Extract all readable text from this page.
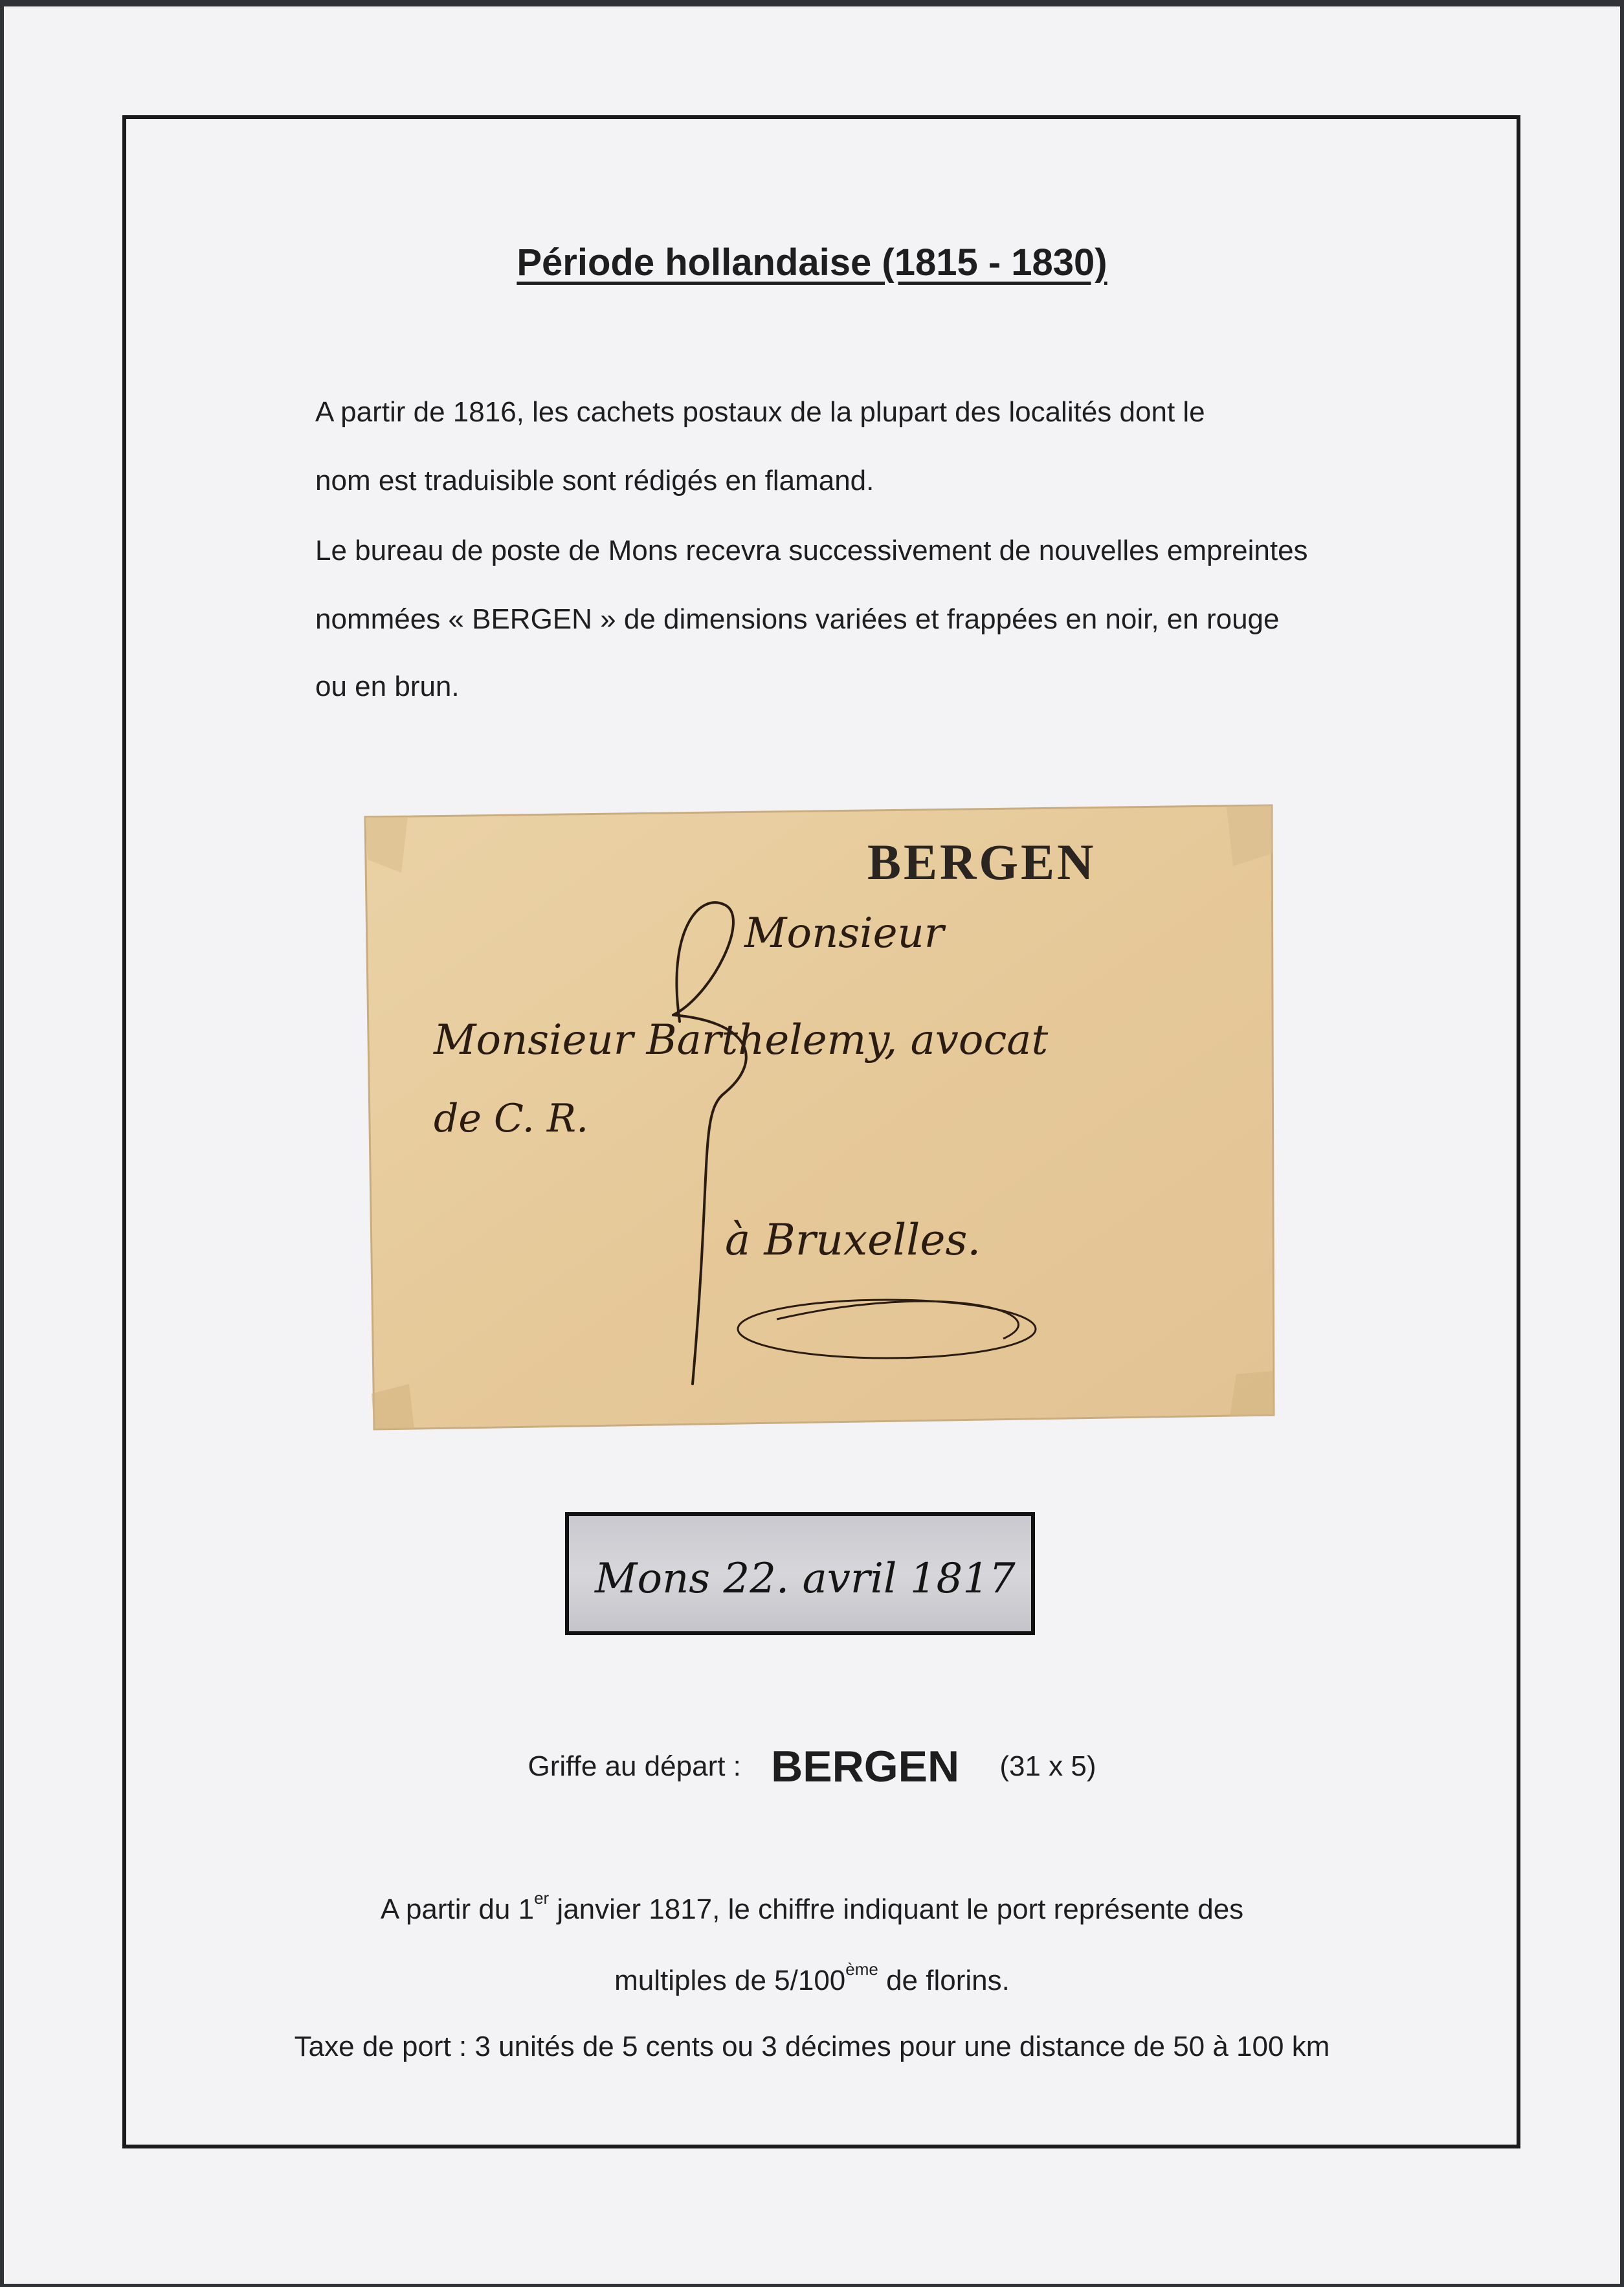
Période hollandaise (1815 - 1830)
A partir de 1816, les cachets postaux de la plupart des localités dont le
nom est traduisible sont rédigés en flamand.
Le bureau de poste de Mons recevra successivement de nouvelles empreintes
nommées « BERGEN » de dimensions variées et frappées en noir, en rouge
ou en brun.
BERGEN
Monsieur
Monsieur Barthelemy, avocat
de C. R.
à Bruxelles.
Mons 22. avril 1817
Griffe au départ : BERGEN (31 x 5)
A partir du 1er janvier 1817, le chiffre indiquant le port représente des
multiples de 5/100ème de florins.
Taxe de port : 3 unités de 5 cents ou 3 décimes pour une distance de 50 à 100 km
